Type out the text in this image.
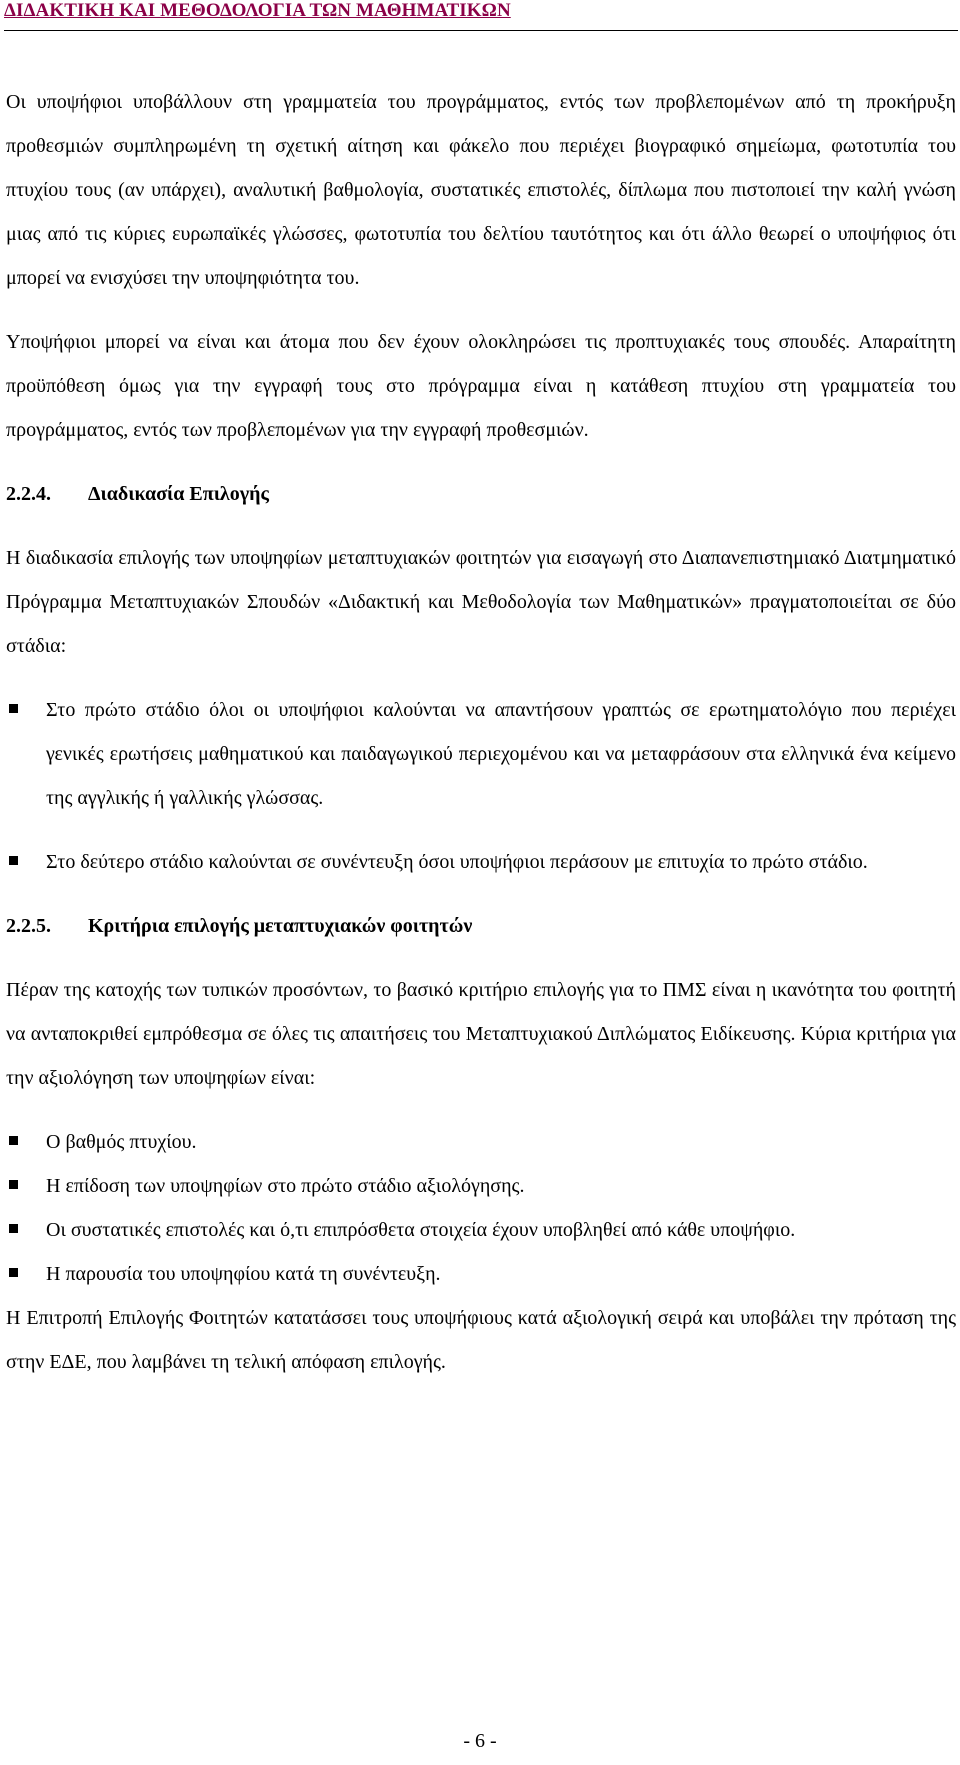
ΔΙΔΑΚΤΙΚΗ ΚΑΙ ΜΕΘΟΔΟΛΟΓΙΑ ΤΩΝ ΜΑΘΗΜΑΤΙΚΩΝ

Οι υποψήφιοι υποβάλλουν στη γραμματεία του προγράμματος, εντός των προβλεπομένων από τη προκήρυξη προθεσμιών συμπληρωμένη τη σχετική αίτηση και φάκελο που περιέχει βιογραφικό σημείωμα, φωτοτυπία του πτυχίου τους (αν υπάρχει), αναλυτική βαθμολογία, συστατικές επιστολές, δίπλωμα που πιστοποιεί την καλή γνώση μιας από τις κύριες ευρωπαϊκές γλώσσες, φωτοτυπία του δελτίου ταυτότητος και ότι άλλο θεωρεί ο υποψήφιος ότι μπορεί να ενισχύσει την υποψηφιότητα του.

Υποψήφιοι μπορεί να είναι και άτομα που δεν έχουν ολοκληρώσει τις προπτυχιακές τους σπουδές. Απαραίτητη προϋπόθεση όμως για την εγγραφή τους στο πρόγραμμα είναι η κατάθεση πτυχίου στη γραμματεία του προγράμματος, εντός των προβλεπομένων για την εγγραφή προθεσμιών.

2.2.4. Διαδικασία Επιλογής

Η διαδικασία επιλογής των υποψηφίων μεταπτυχιακών φοιτητών για εισαγωγή στο Διαπανεπιστημιακό Διατμηματικό Πρόγραμμα Μεταπτυχιακών Σπουδών «Διδακτική και Μεθοδολογία των Μαθηματικών» πραγματοποιείται σε δύο στάδια:

Στο πρώτο στάδιο όλοι οι υποψήφιοι καλούνται να απαντήσουν γραπτώς σε ερωτηματολόγιο που περιέχει γενικές ερωτήσεις μαθηματικού και παιδαγωγικού περιεχομένου και να μεταφράσουν στα ελληνικά ένα κείμενο της αγγλικής ή γαλλικής γλώσσας.
Στο δεύτερο στάδιο καλούνται σε συνέντευξη όσοι υποψήφιοι περάσουν με επιτυχία το πρώτο στάδιο.
2.2.5. Κριτήρια επιλογής μεταπτυχιακών φοιτητών

Πέραν της κατοχής των τυπικών προσόντων, το βασικό κριτήριο επιλογής για το ΠΜΣ είναι η ικανότητα του φοιτητή να ανταποκριθεί εμπρόθεσμα σε όλες τις απαιτήσεις του Μεταπτυχιακού Διπλώματος Ειδίκευσης. Κύρια κριτήρια για την αξιολόγηση των υποψηφίων είναι:

Ο βαθμός πτυχίου.
Η επίδοση των υποψηφίων στο πρώτο στάδιο αξιολόγησης.
Οι συστατικές επιστολές και ό,τι επιπρόσθετα στοιχεία έχουν υποβληθεί από κάθε υποψήφιο.
Η παρουσία του υποψηφίου κατά τη συνέντευξη.

Η Επιτροπή Επιλογής Φοιτητών κατατάσσει τους υποψήφιους κατά αξιολογική σειρά και υποβάλει την πρόταση της στην ΕΔΕ, που λαμβάνει τη τελική απόφαση επιλογής.

- 6 -
